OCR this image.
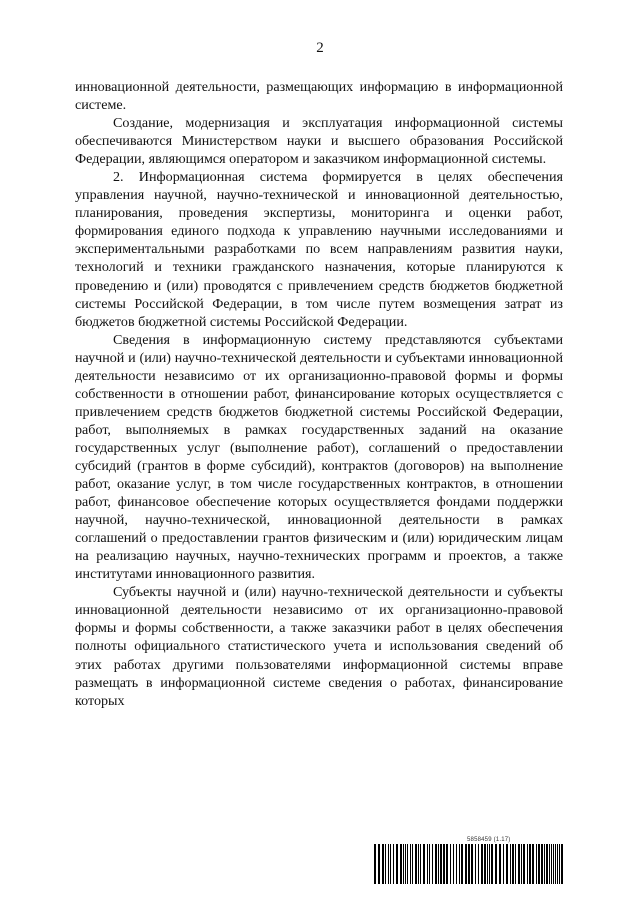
2

инновационной деятельности, размещающих информацию в информационной системе.

Создание, модернизация и эксплуатация информационной системы обеспечиваются Министерством науки и высшего образования Российской Федерации, являющимся оператором и заказчиком информационной системы.

2. Информационная система формируется в целях обеспечения управления научной, научно-технической и инновационной деятельностью, планирования, проведения экспертизы, мониторинга и оценки работ, формирования единого подхода к управлению научными исследованиями и экспериментальными разработками по всем направлениям развития науки, технологий и техники гражданского назначения, которые планируются к проведению и (или) проводятся с привлечением средств бюджетов бюджетной системы Российской Федерации, в том числе путем возмещения затрат из бюджетов бюджетной системы Российской Федерации.

Сведения в информационную систему представляются субъектами научной и (или) научно-технической деятельности и субъектами инновационной деятельности независимо от их организационно-правовой формы и формы собственности в отношении работ, финансирование которых осуществляется с привлечением средств бюджетов бюджетной системы Российской Федерации, работ, выполняемых в рамках государственных заданий на оказание государственных услуг (выполнение работ), соглашений о предоставлении субсидий (грантов в форме субсидий), контрактов (договоров) на выполнение работ, оказание услуг, в том числе государственных контрактов, в отношении работ, финансовое обеспечение которых осуществляется фондами поддержки научной, научно-технической, инновационной деятельности в рамках соглашений о предоставлении грантов физическим и (или) юридическим лицам на реализацию научных, научно-технических программ и проектов, а также институтами инновационного развития.

Субъекты научной и (или) научно-технической деятельности и субъекты инновационной деятельности независимо от их организационно-правовой формы и формы собственности, а также заказчики работ в целях обеспечения полноты официального статистического учета и использования сведений об этих работах другими пользователями информационной системы вправе размещать в информационной системе сведения о работах, финансирование которых

5858459 (1.17)
